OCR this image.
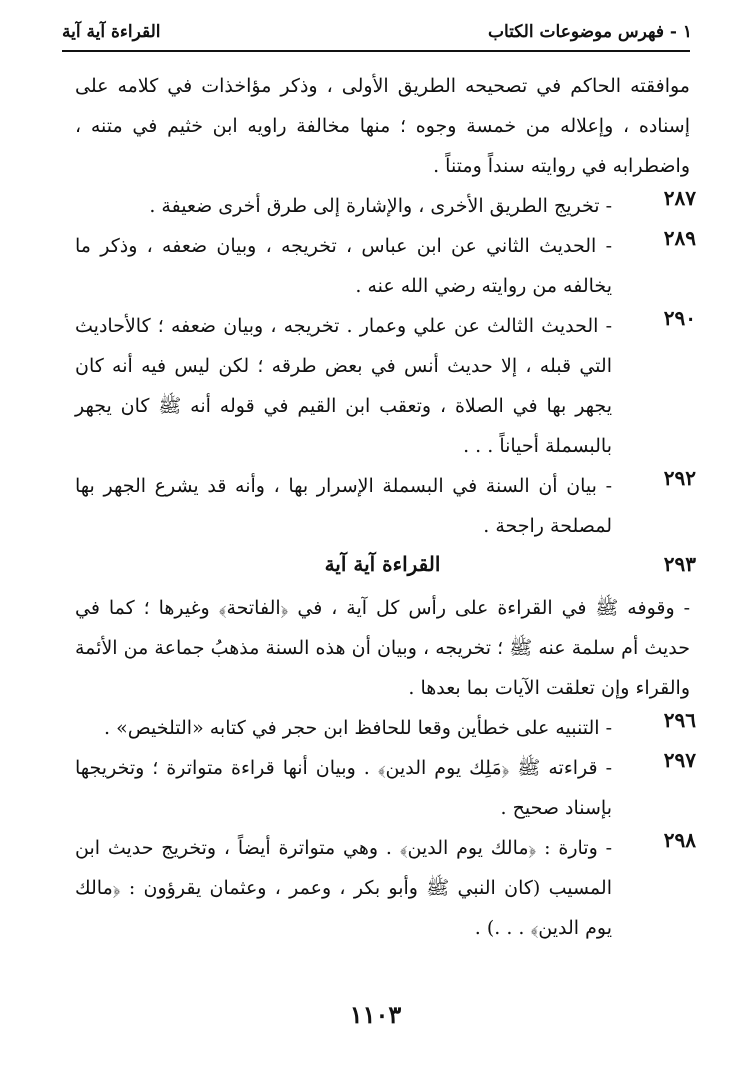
١ - فهرس موضوعات الكتاب
القراءة آية آية
موافقته الحاكم في تصحيحه الطريق الأولى ، وذكر مؤاخذات في كلامه على إسناده ، وإعلاله من خمسة وجوه ؛ منها مخالفة راويه ابن خثيم في متنه ، واضطرابه في روايته سنداً ومتناً .
٢٨٧
- تخريج الطريق الأخرى ، والإشارة إلى طرق أخرى ضعيفة .
٢٨٩
- الحديث الثاني عن ابن عباس ، تخريجه ، وبيان ضعفه ، وذكر ما يخالفه من روايته رضي الله عنه .
٢٩٠
- الحديث الثالث عن علي وعمار . تخريجه ، وبيان ضعفه ؛ كالأحاديث التي قبله ، إلا حديث أنس في بعض طرقه ؛ لكن ليس فيه أنه كان يجهر بها في الصلاة ، وتعقب ابن القيم في قوله أنه ﷺ كان يجهر بالبسملة أحياناً . . .
٢٩٢
- بيان أن السنة في البسملة الإسرار بها ، وأنه قد يشرع الجهر بها لمصلحة راجحة .
٢٩٣
القراءة آية آية
- وقوفه ﷺ في القراءة على رأس كل آية ، في ﴿الفاتحة﴾ وغيرها ؛ كما في حديث أم سلمة عنه ﷺ ؛ تخريجه ، وبيان أن هذه السنة مذهبُ جماعة من الأئمة والقراء وإن تعلقت الآيات بما بعدها .
٢٩٦
- التنبيه على خطأين وقعا للحافظ ابن حجر في كتابه «التلخيص» .
٢٩٧
- قراءته ﷺ ﴿مَلِك يوم الدين﴾ . وبيان أنها قراءة متواترة ؛ وتخريجها بإسناد صحيح .
٢٩٨
- وتارة : ﴿مالك يوم الدين﴾ . وهي متواترة أيضاً ، وتخريج حديث ابن المسيب (كان النبي ﷺ وأبو بكر ، وعمر ، وعثمان يقرؤون : ﴿مالك يوم الدين﴾ . . .) .
١١٠٣
